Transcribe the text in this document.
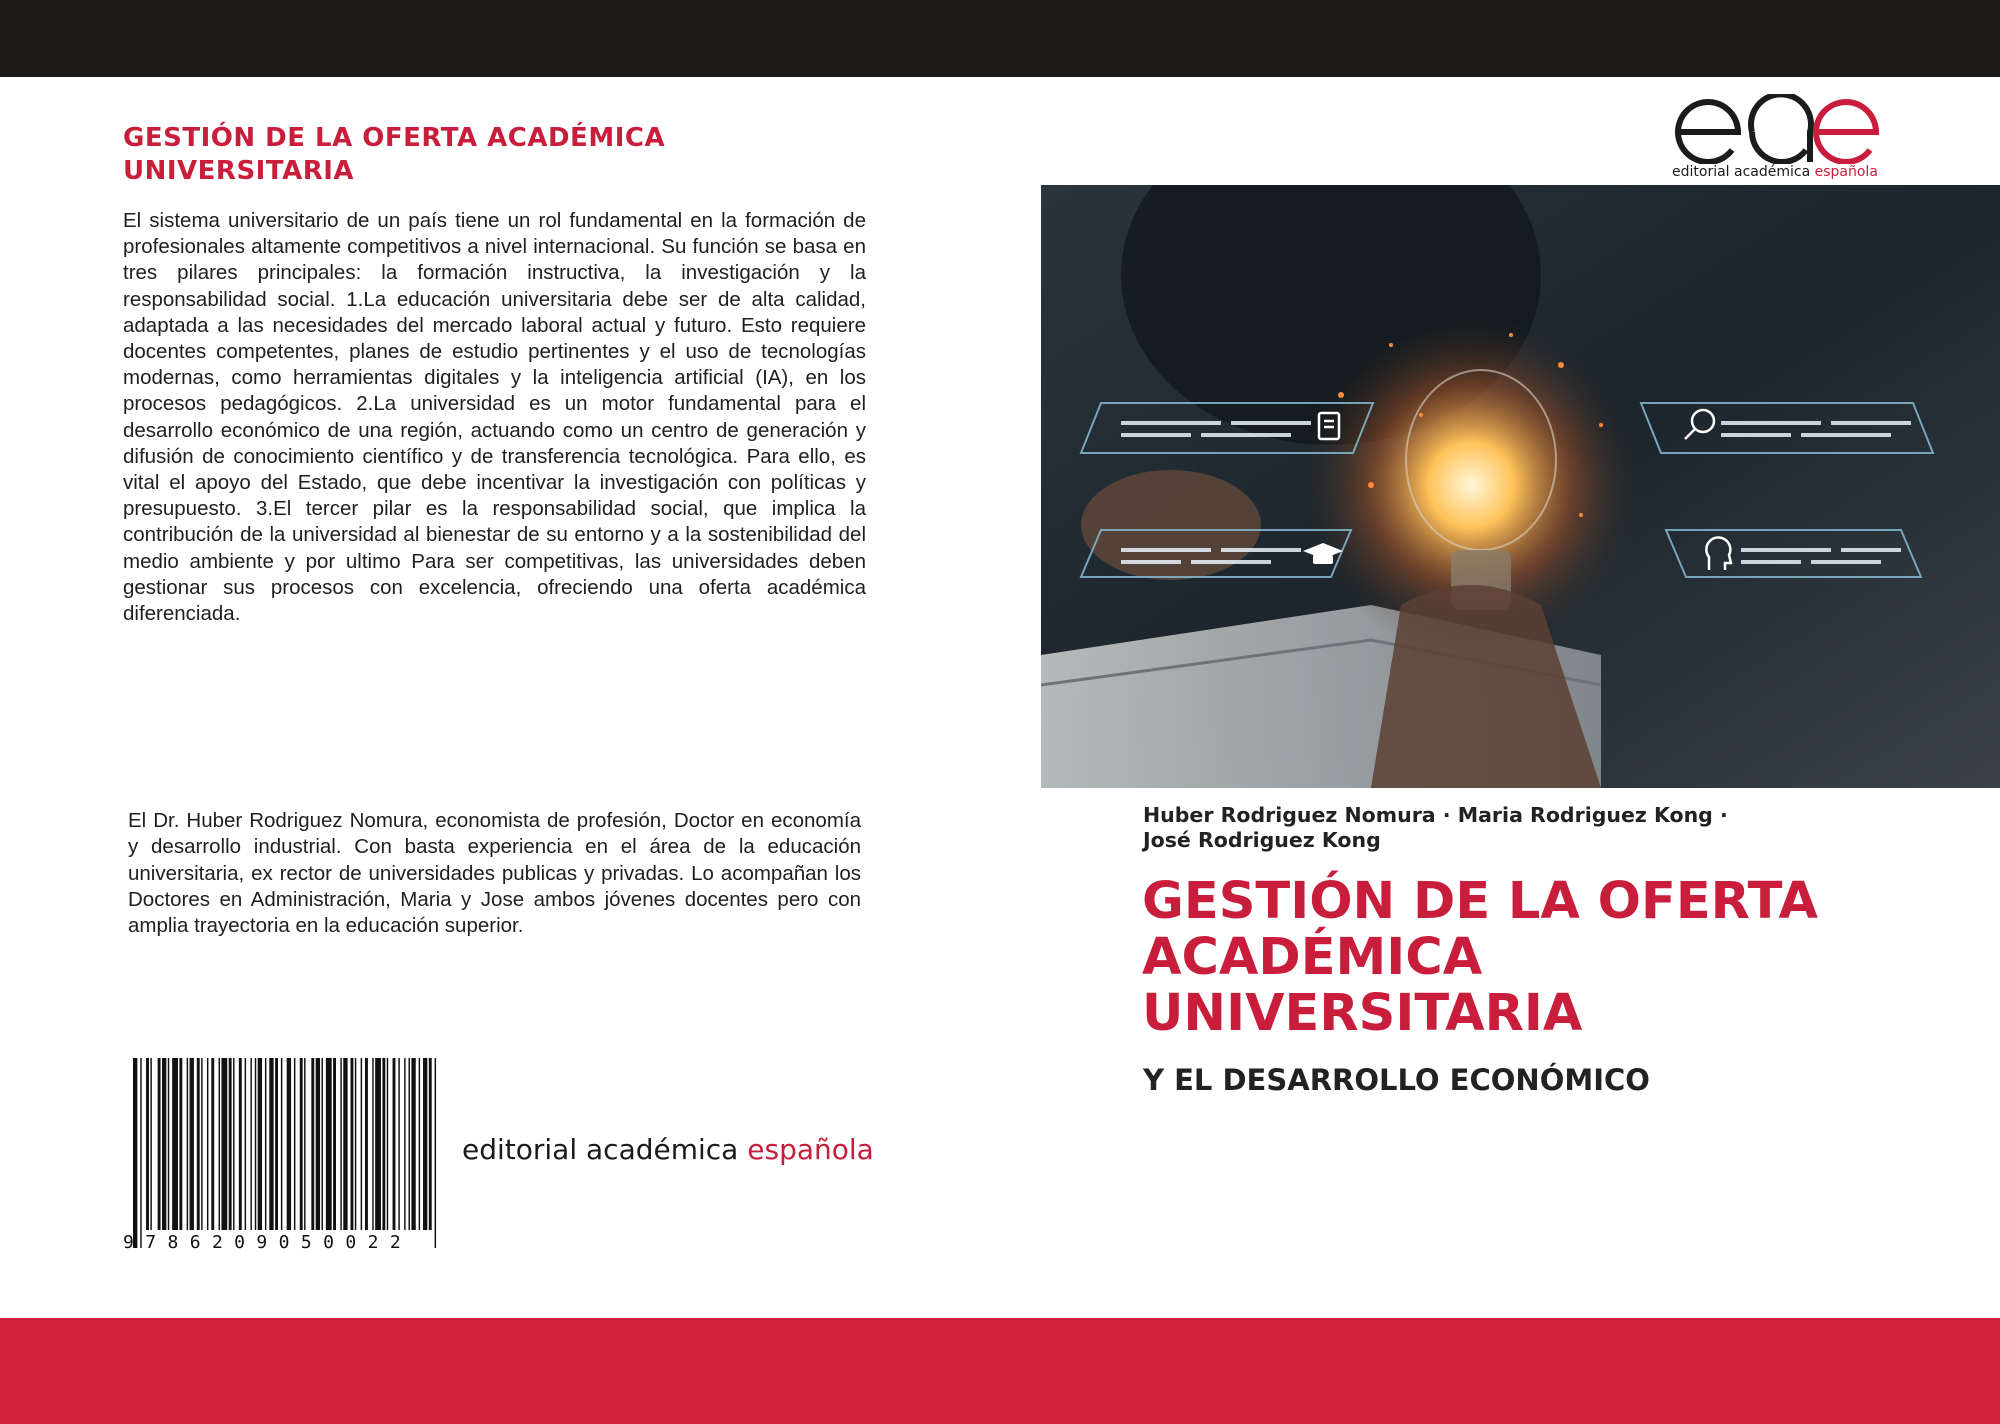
GESTIÓN DE LA OFERTA ACADÉMICA
UNIVERSITARIA

El sistema universitario de un país tiene un rol fundamental en la formación de profesionales altamente competitivos a nivel internacional. Su función se basa en tres pilares principales: la formación instructiva, la investigación y la responsabilidad social. 1.La educación universitaria debe ser de alta calidad, adaptada a las necesidades del mercado laboral actual y futuro. Esto requiere docentes competentes, planes de estudio pertinentes y el uso de tecnologías modernas, como herramientas digitales y la inteligencia artificial (IA), en los procesos pedagógicos. 2.La universidad es un motor fundamental para el desarrollo económico de una región, actuando como un centro de generación y difusión de conocimiento científico y de transferencia tecnológica. Para ello, es vital el apoyo del Estado, que debe incentivar la investigación con políticas y presupuesto. 3.El tercer pilar es la responsabilidad social, que implica la contribución de la universidad al bienestar de su entorno y a la sostenibilidad del medio ambiente y por ultimo Para ser competitivas, las universidades deben gestionar sus procesos con excelencia, ofreciendo una oferta académica diferenciada.

El Dr. Huber Rodriguez Nomura, economista de profesión, Doctor en economía y desarrollo industrial. Con basta experiencia en el área de la educación universitaria, ex rector de universidades publicas y privadas. Lo acompañan los Doctores en Administración, Maria y Jose ambos jóvenes docentes pero con amplia trayectoria en la educación superior.

9786209050022
editorial académica española
editorial académica española
Huber Rodriguez Nomura · Maria Rodriguez Kong ·
José Rodriguez Kong
GESTIÓN DE LA OFERTA
ACADÉMICA
UNIVERSITARIA
Y EL DESARROLLO ECONÓMICO
